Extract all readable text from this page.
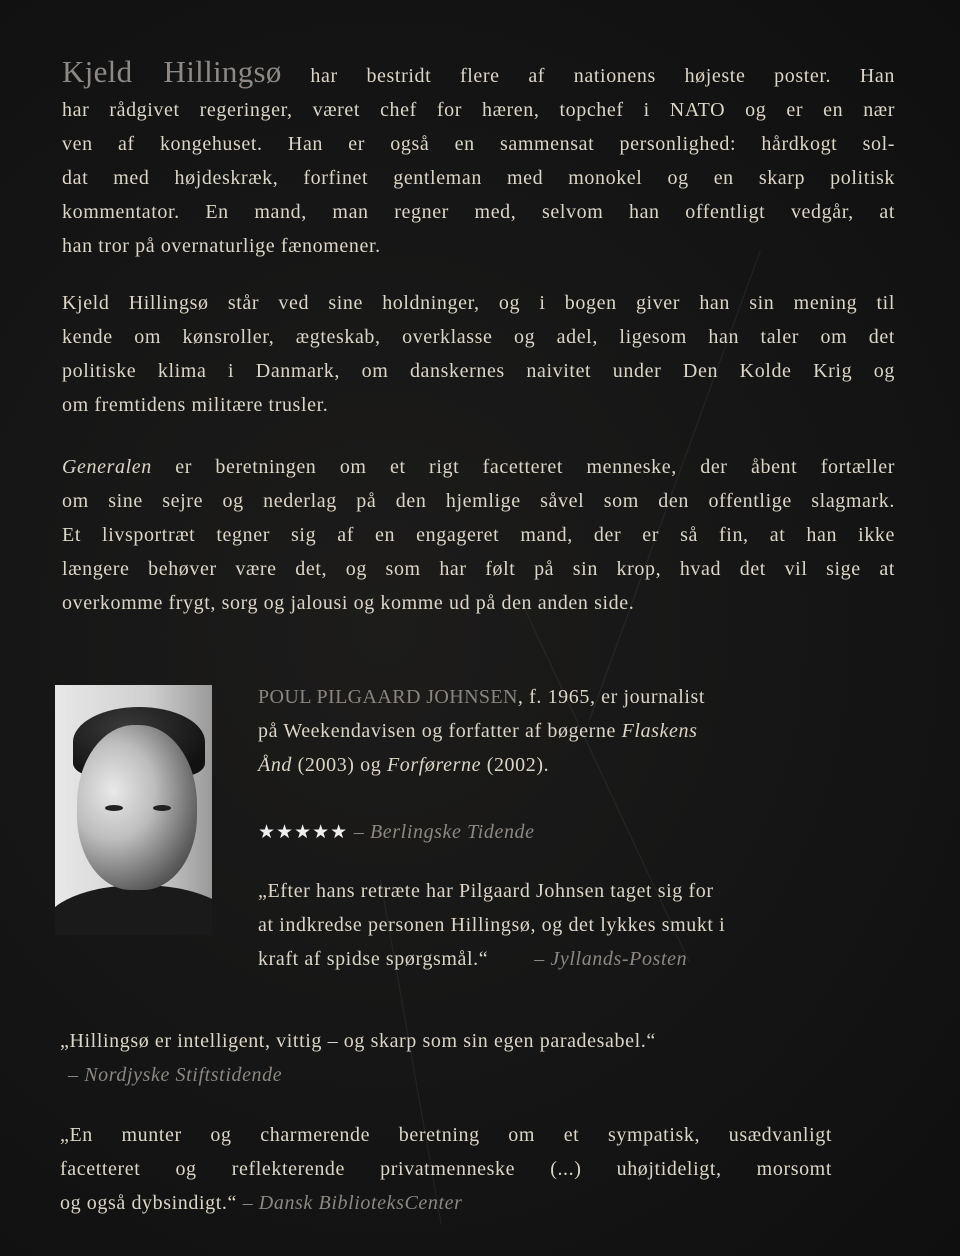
Kjeld Hillingsø har bestridt flere af nationens højeste poster. Han
har rådgivet regeringer, været chef for hæren, topchef i NATO og er en nær
ven af kongehuset. Han er også en sammensat personlighed: hårdkogt sol-
dat med højdeskræk, forfinet gentleman med monokel og en skarp politisk
kommentator. En mand, man regner med, selvom han offentligt vedgår, at
han tror på overnaturlige fænomener.
Kjeld Hillingsø står ved sine holdninger, og i bogen giver han sin mening til
kende om kønsroller, ægteskab, overklasse og adel, ligesom han taler om det
politiske klima i Danmark, om danskernes naivitet under Den Kolde Krig og
om fremtidens militære trusler.
Generalen er beretningen om et rigt facetteret menneske, der åbent fortæller
om sine sejre og nederlag på den hjemlige såvel som den offentlige slagmark.
Et livsportræt tegner sig af en engageret mand, der er så fin, at han ikke
længere behøver være det, og som har følt på sin krop, hvad det vil sige at
overkomme frygt, sorg og jalousi og komme ud på den anden side.
POUL PILGAARD JOHNSEN, f. 1965, er journalist
på Weekendavisen og forfatter af bøgerne Flaskens
Ånd (2003) og Forførerne (2002).
★★★★★ – Berlingske Tidende
„Efter hans retræte har Pilgaard Johnsen taget sig for
at indkredse personen Hillingsø, og det lykkes smukt i
kraft af spidse spørgsmål.“ – Jyllands-Posten
„Hillingsø er intelligent, vittig – og skarp som sin egen paradesabel.“
– Nordjyske Stiftstidende
„En munter og charmerende beretning om et sympatisk, usædvanligt
facetteret og reflekterende privatmenneske (...) uhøjtideligt, morsomt
og også dybsindigt.“ – Dansk BiblioteksCenter
